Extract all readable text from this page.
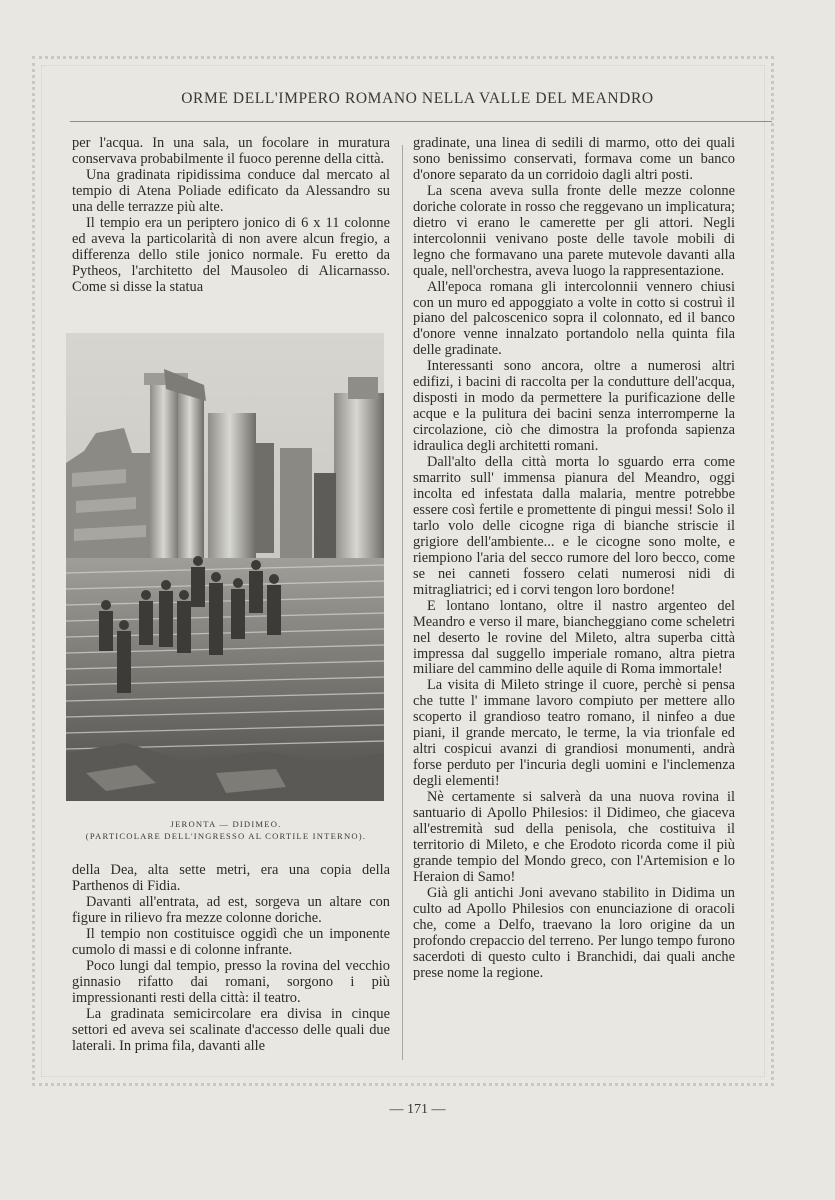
ORME DELL'IMPERO ROMANO NELLA VALLE DEL MEANDRO

per l'acqua. In una sala, un focolare in muratura conservava probabilmente il fuoco perenne della città.

Una gradinata ripidissima conduce dal mercato al tempio di Atena Poliade edificato da Alessandro su una delle terrazze più alte.

Il tempio era un periptero jonico di 6 x 11 colonne ed aveva la particolarità di non avere alcun fregio, a differenza dello stile jonico normale. Fu eretto da Pytheos, l'architetto del Mausoleo di Alicarnasso. Come si disse la statua

JERONTA — DIDIMEO.
(PARTICOLARE DELL'INGRESSO AL CORTILE INTERNO).

della Dea, alta sette metri, era una copia della Parthenos di Fidia.

Davanti all'entrata, ad est, sorgeva un altare con figure in rilievo fra mezze colonne doriche.

Il tempio non costituisce oggidì che un imponente cumolo di massi e di colonne infrante.

Poco lungi dal tempio, presso la rovina del vecchio ginnasio rifatto dai romani, sorgono i più impressionanti resti della città: il teatro.

La gradinata semicircolare era divisa in cinque settori ed aveva sei scalinate d'accesso delle quali due laterali. In prima fila, davanti alle

gradinate, una linea di sedili di marmo, otto dei quali sono benissimo conservati, formava come un banco d'onore separato da un corridoio dagli altri posti.

La scena aveva sulla fronte delle mezze colonne doriche colorate in rosso che reggevano un implicatura; dietro vi erano le camerette per gli attori. Negli intercolonnii venivano poste delle tavole mobili di legno che formavano una parete mutevole davanti alla quale, nell'orchestra, aveva luogo la rappresentazione.

All'epoca romana gli intercolonnii vennero chiusi con un muro ed appoggiato a volte in cotto si costruì il piano del palcoscenico sopra il colonnato, ed il banco d'onore venne innalzato portandolo nella quinta fila delle gradinate.

Interessanti sono ancora, oltre a numerosi altri edifizi, i bacini di raccolta per la condutture dell'acqua, disposti in modo da permettere la purificazione delle acque e la pulitura dei bacini senza interromperne la circolazione, ciò che dimostra la profonda sapienza idraulica degli architetti romani.

Dall'alto della città morta lo sguardo erra come smarrito sull' immensa pianura del Meandro, oggi incolta ed infestata dalla malaria, mentre potrebbe essere così fertile e promettente di pingui messi! Solo il tarlo volo delle cicogne riga di bianche striscie il grigiore dell'ambiente... e le cicogne sono molte, e riempiono l'aria del secco rumore del loro becco, come se nei canneti fossero celati numerosi nidi di mitragliatrici; ed i corvi tengon loro bordone!

E lontano lontano, oltre il nastro argenteo del Meandro e verso il mare, biancheggiano come scheletri nel deserto le rovine del Mileto, altra superba città impressa dal suggello imperiale romano, altra pietra miliare del cammino delle aquile di Roma immortale!

La visita di Mileto stringe il cuore, perchè si pensa che tutte l' immane lavoro compiuto per mettere allo scoperto il grandioso teatro romano, il ninfeo a due piani, il grande mercato, le terme, la via trionfale ed altri cospicui avanzi di grandiosi monumenti, andrà forse perduto per l'incuria degli uomini e l'inclemenza degli elementi!

Nè certamente si salverà da una nuova rovina il santuario di Apollo Philesios: il Didimeo, che giaceva all'estremità sud della penisola, che costituiva il territorio di Mileto, e che Erodoto ricorda come il più grande tempio del Mondo greco, con l'Artemision e lo Heraion di Samo!

Già gli antichi Joni avevano stabilito in Didima un culto ad Apollo Philesios con enunciazione di oracoli che, come a Delfo, traevano la loro origine da un profondo crepaccio del terreno. Per lungo tempo furono sacerdoti di questo culto i Branchidi, dai quali anche prese nome la regione.

— 171 —
